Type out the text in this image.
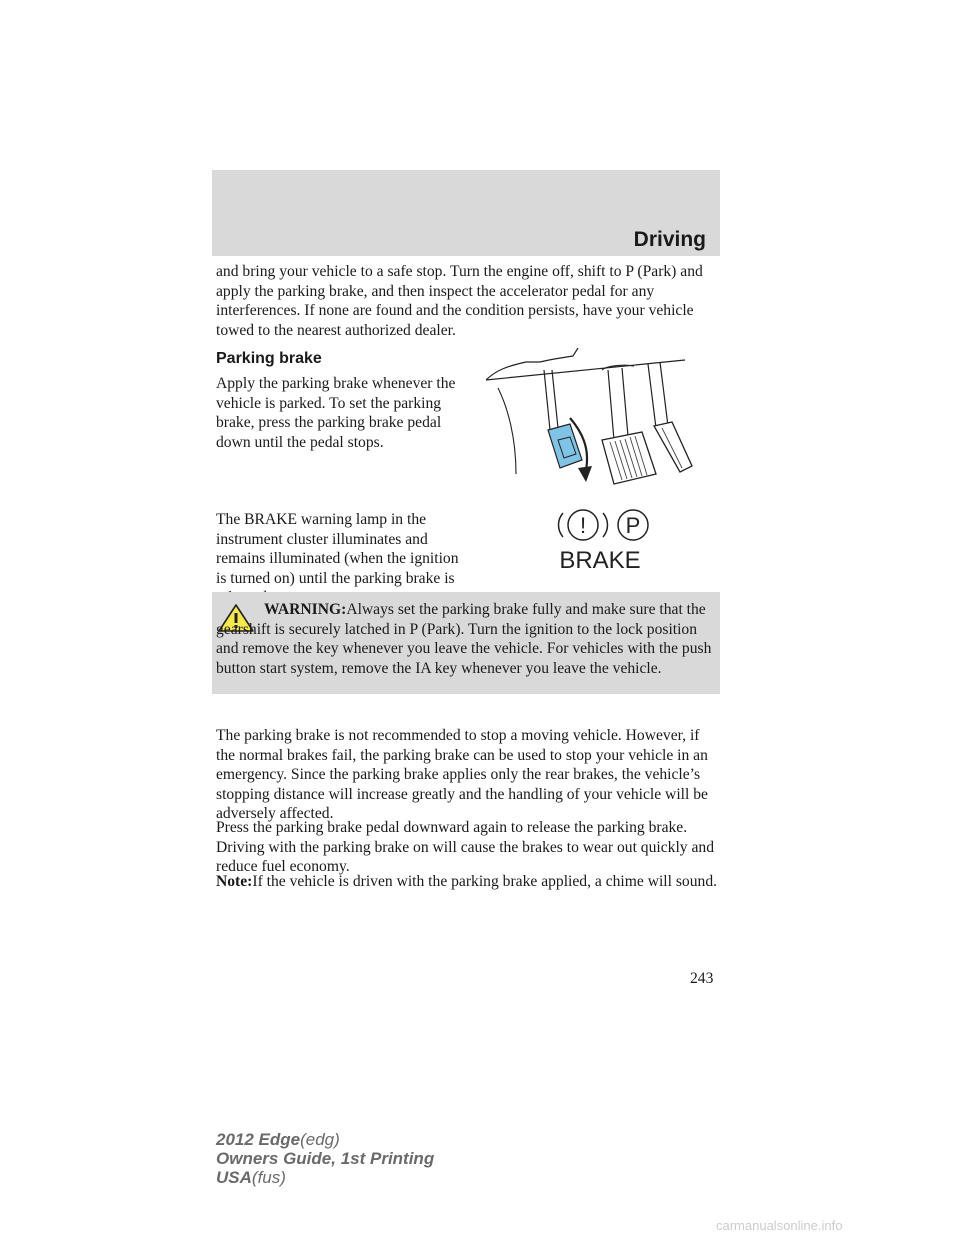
Driving

and bring your vehicle to a safe stop. Turn the engine off, shift to P (Park) and apply the parking brake, and then inspect the accelerator pedal for any interferences. If none are found and the condition persists, have your vehicle towed to the nearest authorized dealer.

Parking brake

Apply the parking brake whenever the vehicle is parked. To set the parking brake, press the parking brake pedal down until the pedal stops.

The BRAKE warning lamp in the instrument cluster illuminates and remains illuminated (when the ignition is turned on) until the parking brake is

! P
BRAKE

WARNING:Always set the parking brake fully and make sure that the gearshift is securely latched in P (Park). Turn the ignition to the lock position and remove the key whenever you leave the vehicle. For vehicles with the push button start system, remove the IA key whenever you leave the vehicle.

The parking brake is not recommended to stop a moving vehicle. However, if the normal brakes fail, the parking brake can be used to stop your vehicle in an emergency. Since the parking brake applies only the rear brakes, the vehicle’s stopping distance will increase greatly and the handling of your vehicle will be adversely affected.

Press the parking brake pedal downward again to release the parking brake. Driving with the parking brake on will cause the brakes to wear out quickly and reduce fuel economy.

Note:If the vehicle is driven with the parking brake applied, a chime will sound.

243
2012 Edge(edg)
Owners Guide, 1st Printing
USA(fus)
carmanualsonline.info
